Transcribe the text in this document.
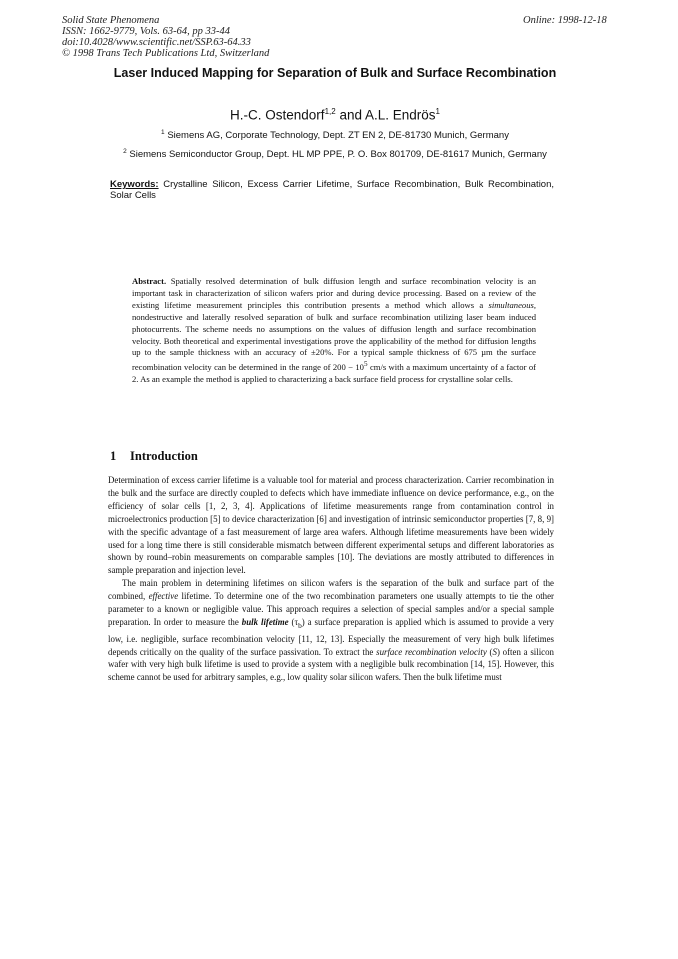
Solid State Phenomena
ISSN: 1662-9779, Vols. 63-64, pp 33-44
doi:10.4028/www.scientific.net/SSP.63-64.33
© 1998 Trans Tech Publications Ltd, Switzerland
Online: 1998-12-18
Laser Induced Mapping for Separation of Bulk and Surface Recombination
H.-C. Ostendorf$^{1,2}$ and A.L. Endrös$^1$
$^1$ Siemens AG, Corporate Technology, Dept. ZT EN 2, DE-81730 Munich, Germany
$^2$ Siemens Semiconductor Group, Dept. HL MP PPE, P. O. Box 801709, DE-81617 Munich, Germany
Keywords: Crystalline Silicon, Excess Carrier Lifetime, Surface Recombination, Bulk Recombination, Solar Cells
Abstract. Spatially resolved determination of bulk diffusion length and surface recombination velocity is an important task in characterization of silicon wafers prior and during device processing. Based on a review of the existing lifetime measurement principles this contribution presents a method which allows a simultaneous, nondestructive and laterally resolved separation of bulk and surface recombination utilizing laser beam induced photocurrents. The scheme needs no assumptions on the values of diffusion length and surface recombination velocity. Both theoretical and experimental investigations prove the applicability of the method for diffusion lengths up to the sample thickness with an accuracy of ±20%. For a typical sample thickness of 675 µm the surface recombination velocity can be determined in the range of $200 - 10^5$ cm/s with a maximum uncertainty of a factor of 2. As an example the method is applied to characterizing a back surface field process for crystalline solar cells.
1 Introduction

Determination of excess carrier lifetime is a valuable tool for material and process characterization. Carrier recombination in the bulk and the surface are directly coupled to defects which have immediate influence on device performance, e.g., on the efficiency of solar cells [1, 2, 3, 4]. Applications of lifetime measurements range from contamination control in microelectronics production [5] to device characterization [6] and investigation of intrinsic semiconductor properties [7, 8, 9] with the specific advantage of a fast measurement of large area wafers. Although lifetime measurements have been widely used for a long time there is still considerable mismatch between different experimental setups and different laboratories as shown by round–robin measurements on comparable samples [10]. The deviations are mostly attributed to differences in sample preparation and injection level.

The main problem in determining lifetimes on silicon wafers is the separation of the bulk and surface part of the combined, effective lifetime. To determine one of the two recombination parameters one usually attempts to tie the other parameter to a known or negligible value. This approach requires a selection of special samples and/or a special sample preparation. In order to measure the bulk lifetime $(\tau_b)$ a surface preparation is applied which is assumed to provide a very low, i.e. negligible, surface recombination velocity [11, 12, 13]. Especially the measurement of very high bulk lifetimes depends critically on the quality of the surface passivation. To extract the surface recombination velocity (S) often a silicon wafer with very high bulk lifetime is used to provide a system with a negligible bulk recombination [14, 15]. However, this scheme cannot be used for arbitrary samples, e.g., low quality solar silicon wafers. Then the bulk lifetime must
